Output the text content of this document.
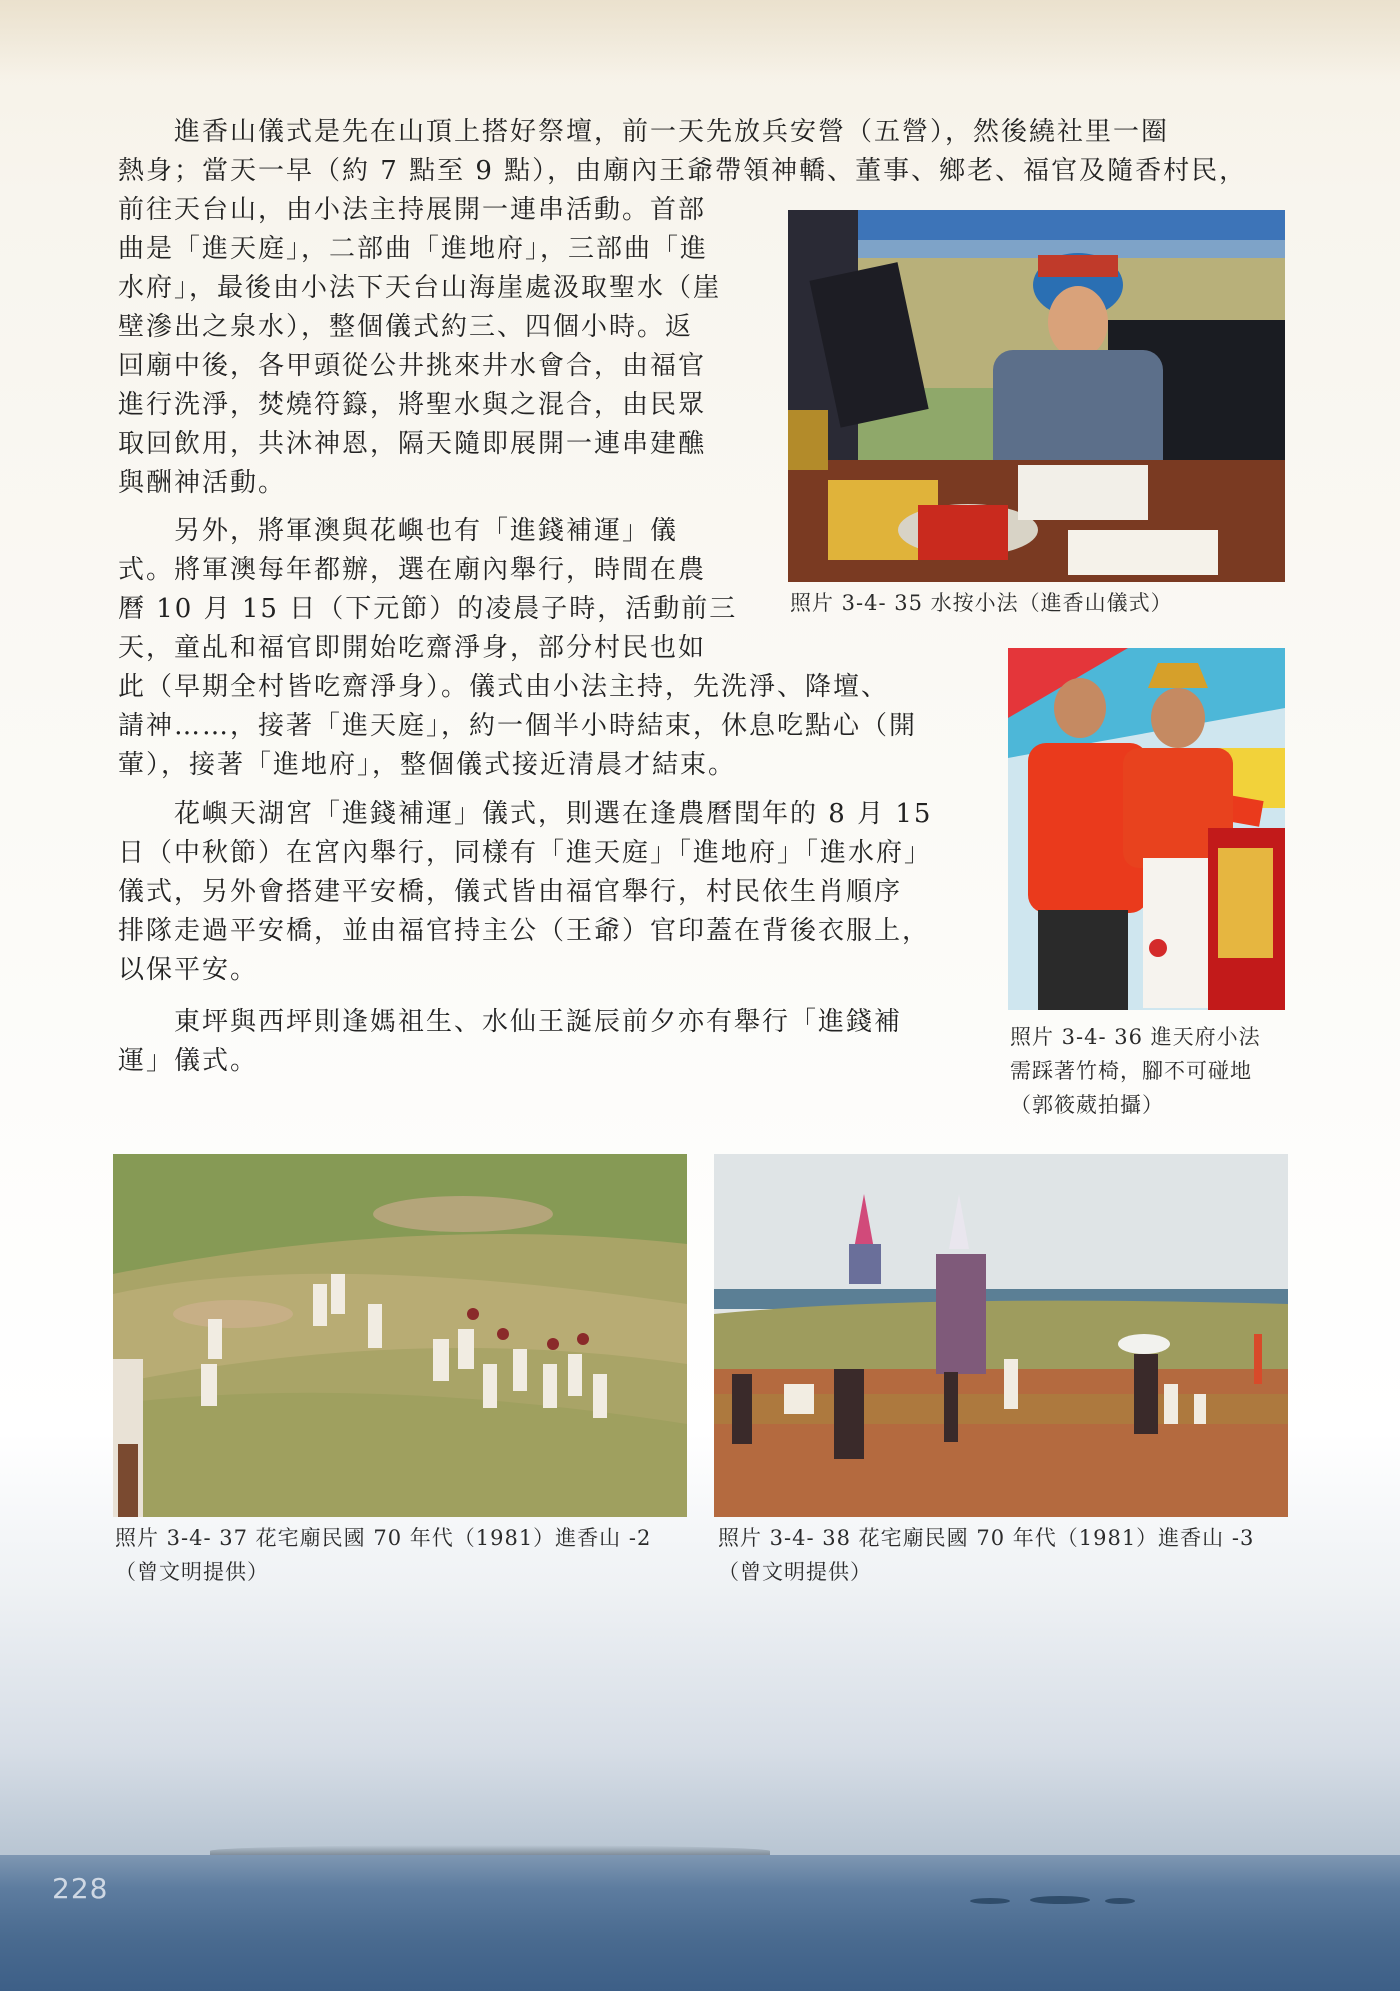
　　進香山儀式是先在山頂上搭好祭壇，前一天先放兵安營（五營），然後繞社里一圈
熱身；當天一早（約 7 點至 9 點），由廟內王爺帶領神轎、董事、鄉老、福官及隨香村民，
前往天台山，由小法主持展開一連串活動。首部
曲是「進天庭」，二部曲「進地府」，三部曲「進
水府」，最後由小法下天台山海崖處汲取聖水（崖
壁滲出之泉水），整個儀式約三、四個小時。返
回廟中後，各甲頭從公井挑來井水會合，由福官
進行洗淨，焚燒符籙，將聖水與之混合，由民眾
取回飲用，共沐神恩，隔天隨即展開一連串建醮
與酬神活動。
　　另外，將軍澳與花嶼也有「進錢補運」儀
式。將軍澳每年都辦，選在廟內舉行，時間在農
曆 10 月 15 日（下元節）的凌晨子時，活動前三
天，童乩和福官即開始吃齋淨身，部分村民也如
此（早期全村皆吃齋淨身）。儀式由小法主持，先洗淨、降壇、
請神……，接著「進天庭」，約一個半小時結束，休息吃點心（開
葷），接著「進地府」，整個儀式接近清晨才結束。
　　花嶼天湖宮「進錢補運」儀式，則選在逢農曆閏年的 8 月 15
日（中秋節）在宮內舉行，同樣有「進天庭」「進地府」「進水府」
儀式，另外會搭建平安橋，儀式皆由福官舉行，村民依生肖順序
排隊走過平安橋，並由福官持主公（王爺）官印蓋在背後衣服上，
以保平安。
　　東坪與西坪則逢媽祖生、水仙王誕辰前夕亦有舉行「進錢補
運」儀式。
照片 3-4- 35 水按小法（進香山儀式）
照片 3-4- 36 進天府小法
需踩著竹椅，腳不可碰地
（郭筱葳拍攝）
照片 3-4- 37 花宅廟民國 70 年代（1981）進香山 -2
（曾文明提供）
照片 3-4- 38 花宅廟民國 70 年代（1981）進香山 -3
（曾文明提供）
228
